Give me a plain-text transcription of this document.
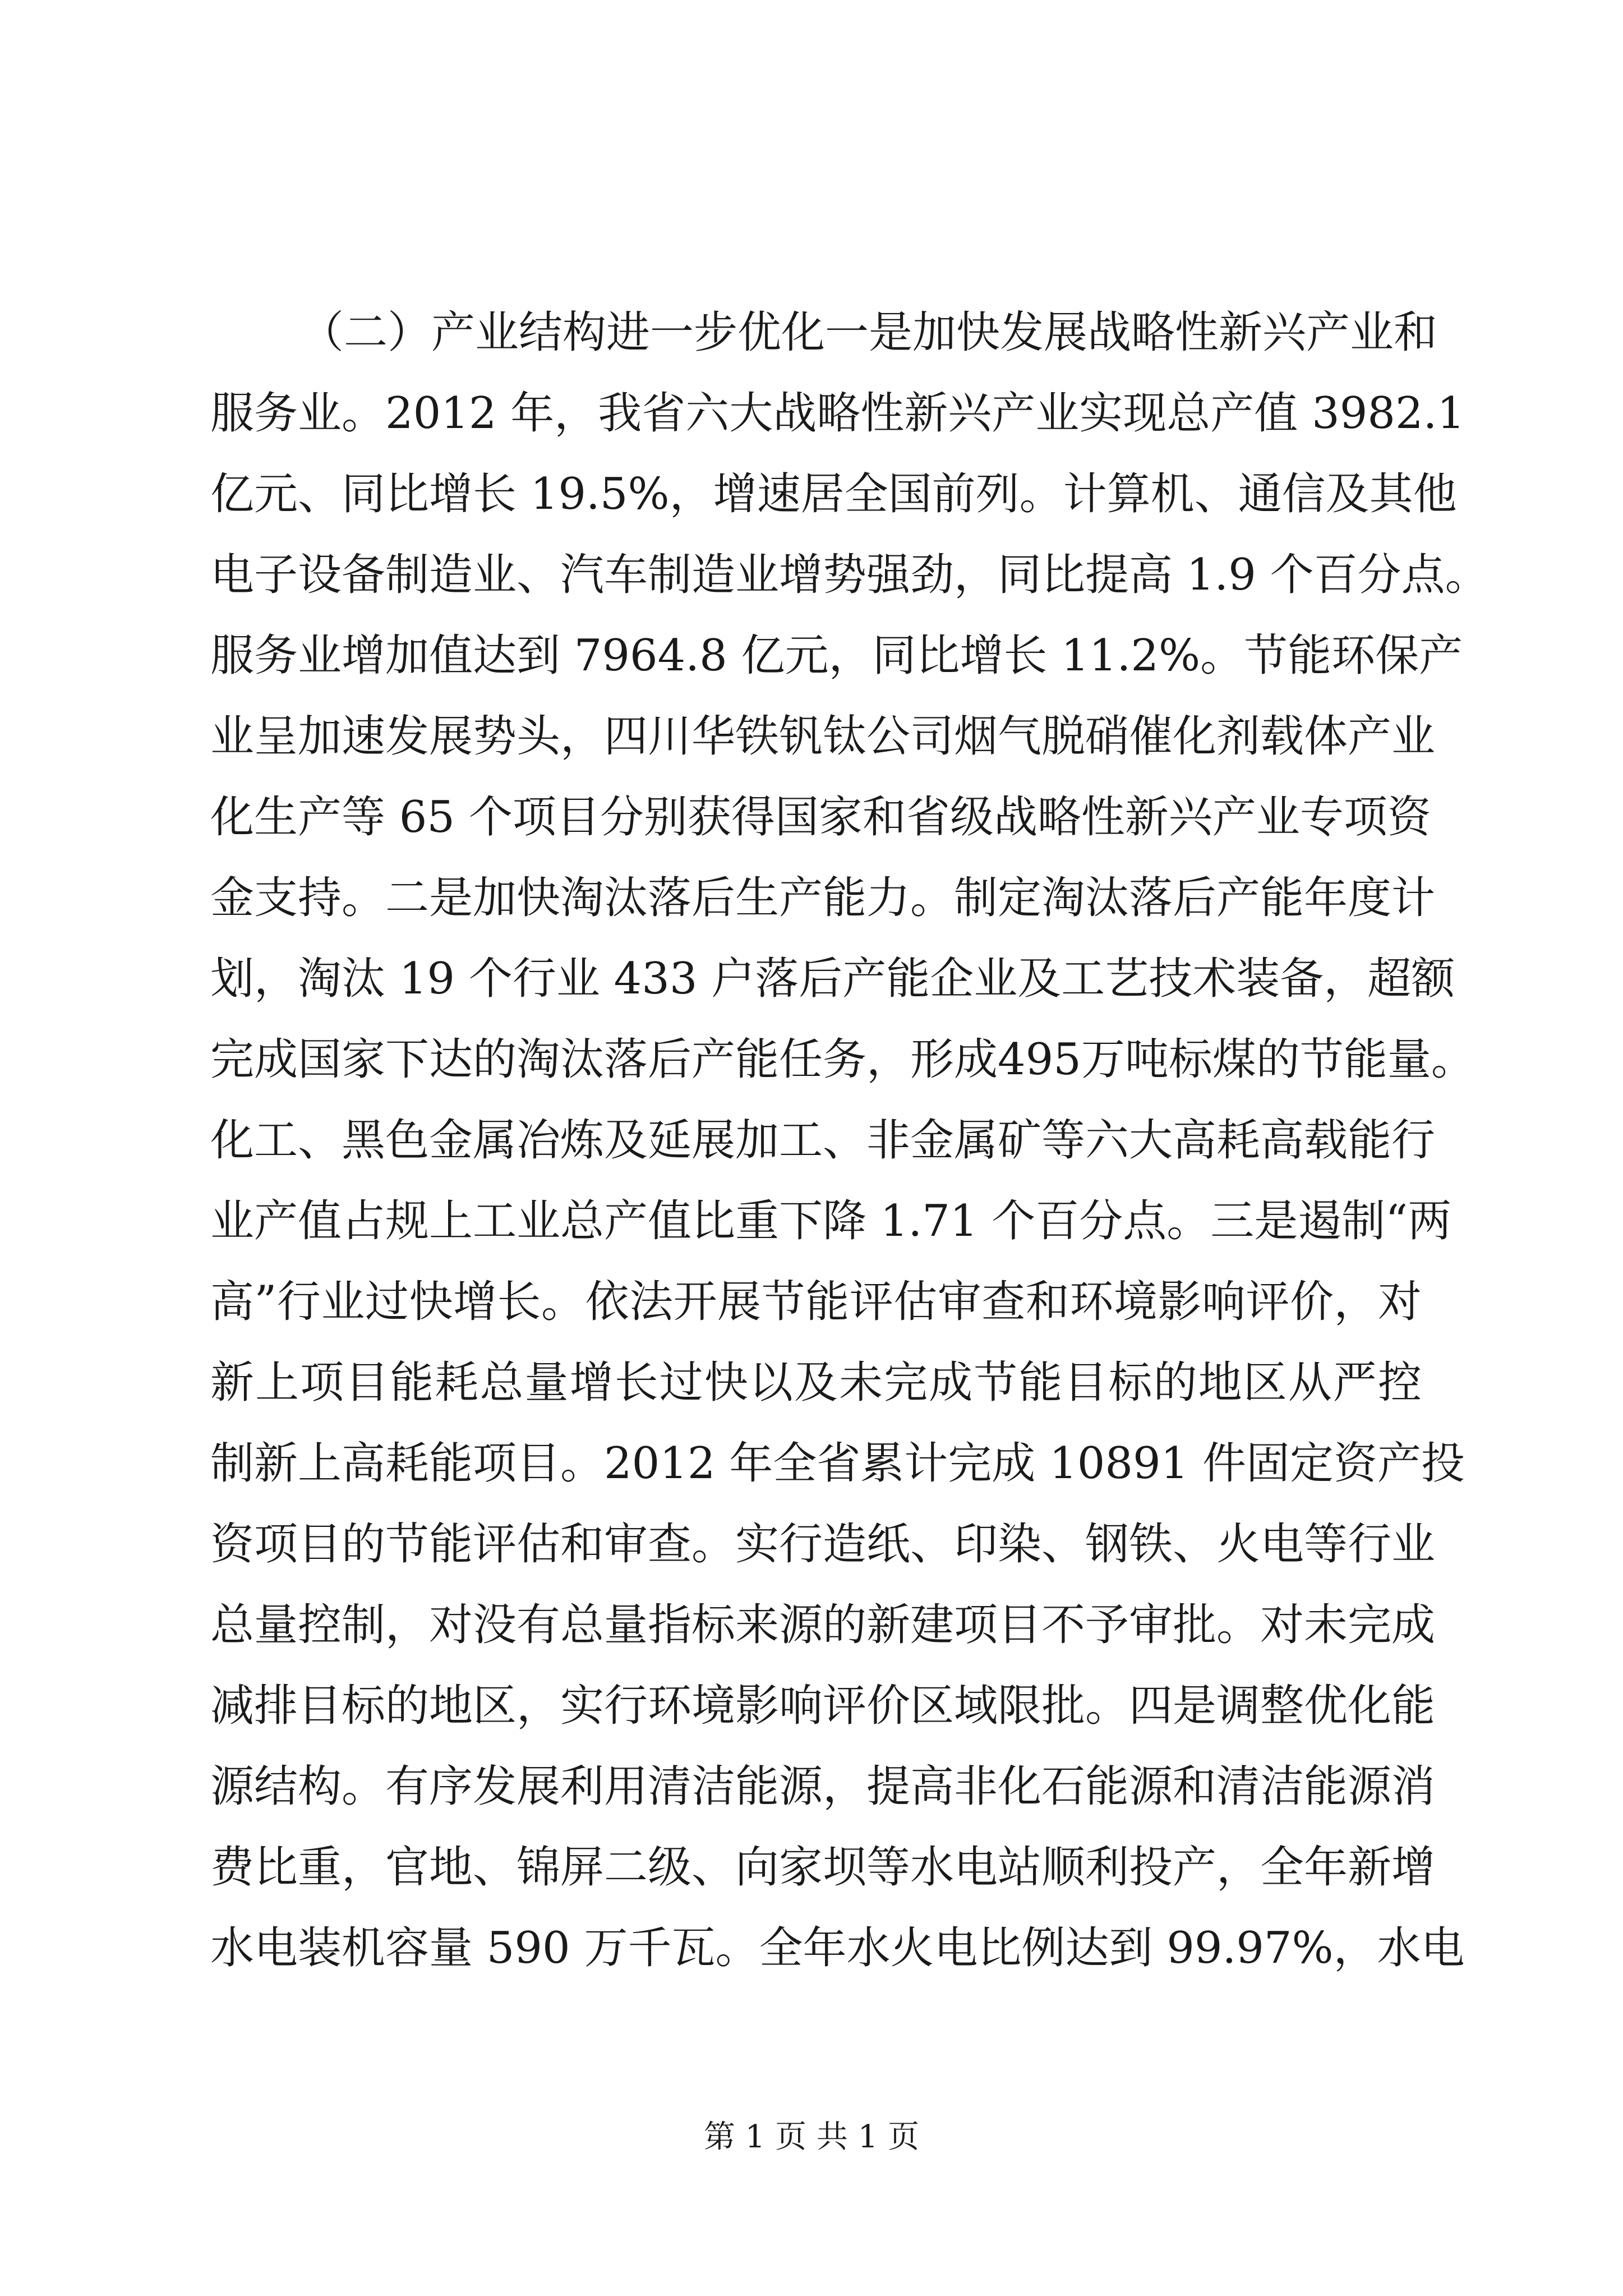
（二）产业结构进一步优化一是加快发展战略性新兴产业和
服务业。2012 年，我省六大战略性新兴产业实现总产值 3982.1
亿元、同比增长 19.5%，增速居全国前列。计算机、通信及其他
电子设备制造业、汽车制造业增势强劲，同比提高 1.9 个百分点。
服务业增加值达到 7964.8 亿元，同比增长 11.2%。节能环保产
业呈加速发展势头，四川华铁钒钛公司烟气脱硝催化剂载体产业
化生产等 65 个项目分别获得国家和省级战略性新兴产业专项资
金支持。二是加快淘汰落后生产能力。制定淘汰落后产能年度计
划，淘汰 19 个行业 433 户落后产能企业及工艺技术装备，超额
完成国家下达的淘汰落后产能任务，形成495万吨标煤的节能量。
化工、黑色金属冶炼及延展加工、非金属矿等六大高耗高载能行
业产值占规上工业总产值比重下降 1.71 个百分点。三是遏制“两
高”行业过快增长。依法开展节能评估审查和环境影响评价，对
新上项目能耗总量增长过快以及未完成节能目标的地区从严控
制新上高耗能项目。2012 年全省累计完成 10891 件固定资产投
资项目的节能评估和审查。实行造纸、印染、钢铁、火电等行业
总量控制，对没有总量指标来源的新建项目不予审批。对未完成
减排目标的地区，实行环境影响评价区域限批。四是调整优化能
源结构。有序发展利用清洁能源，提高非化石能源和清洁能源消
费比重，官地、锦屏二级、向家坝等水电站顺利投产，全年新增
水电装机容量 590 万千瓦。全年水火电比例达到 99.97%，水电
第 1 页 共 1 页
